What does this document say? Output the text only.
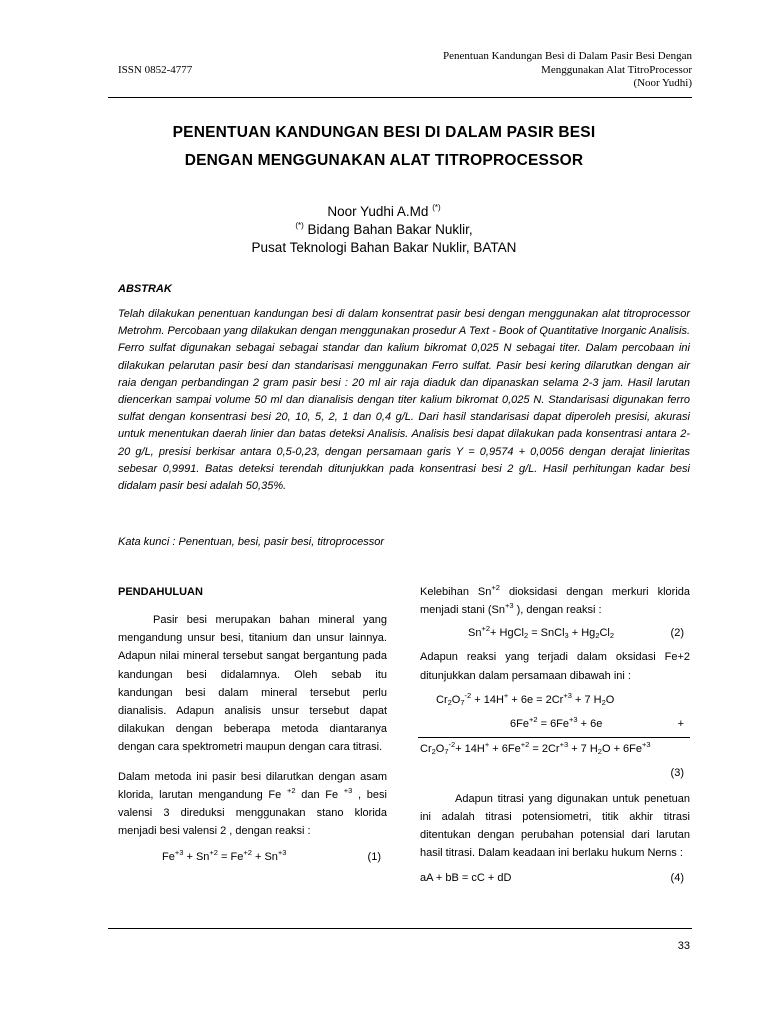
ISSN 0852-4777
Penentuan Kandungan Besi di Dalam Pasir Besi Dengan
Menggunakan Alat TitroProcessor
(Noor Yudhi)
PENENTUAN KANDUNGAN BESI DI DALAM PASIR BESI
DENGAN MENGGUNAKAN ALAT TITROPROCESSOR
Noor Yudhi A.Md (*)
(*) Bidang Bahan Bakar Nuklir,
Pusat Teknologi Bahan Bakar Nuklir, BATAN
ABSTRAK
Telah dilakukan penentuan kandungan besi di dalam konsentrat pasir besi dengan menggunakan alat titroprocessor Metrohm. Percobaan yang dilakukan dengan menggunakan prosedur A Text - Book of Quantitative Inorganic Analisis. Ferro sulfat digunakan sebagai sebagai standar dan kalium bikromat 0,025 N sebagai titer. Dalam percobaan ini dilakukan pelarutan pasir besi dan standarisasi menggunakan Ferro sulfat. Pasir besi kering dilarutkan dengan air raia dengan perbandingan 2 gram pasir besi : 20 ml air raja diaduk dan dipanaskan selama 2-3 jam. Hasil larutan diencerkan sampai volume 50 ml dan dianalisis dengan titer kalium bikromat 0,025 N. Standarisasi digunakan ferro sulfat dengan konsentrasi besi 20, 10, 5, 2, 1 dan 0,4 g/L. Dari hasil standarisasi dapat diperoleh presisi, akurasi untuk menentukan daerah linier dan batas deteksi Analisis. Analisis besi dapat dilakukan pada konsentrasi antara 2-20 g/L, presisi berkisar antara 0,5-0,23, dengan persamaan garis Y = 0,9574 + 0,0056 dengan derajat linieritas sebesar 0,9991. Batas deteksi terendah ditunjukkan pada konsentrasi besi 2 g/L. Hasil perhitungan kadar besi didalam pasir besi adalah 50,35%.
Kata kunci : Penentuan, besi, pasir besi, titroprocessor
PENDAHULUAN
Pasir besi merupakan bahan mineral yang mengandung unsur besi, titanium dan unsur lainnya. Adapun nilai mineral tersebut sangat bergantung pada kandungan besi didalamnya. Oleh sebab itu kandungan besi dalam mineral tersebut perlu dianalisis. Adapun analisis unsur tersebut dapat dilakukan dengan beberapa metoda diantaranya dengan cara spektrometri maupun dengan cara titrasi.
Dalam metoda ini pasir besi dilarutkan dengan asam klorida, larutan mengandung Fe $^{+2}$ dan Fe $^{+3}$ , besi valensi 3 direduksi menggunakan stano klorida menjadi besi valensi 2 , dengan reaksi :
$Fe^{+3} + Sn^{+2} = Fe^{+2} + Sn^{+3}$	(1)
Kelebihan $Sn^{+2}$ dioksidasi dengan merkuri klorida menjadi stani ($Sn^{+3}$ ), dengan reaksi :
$Sn^{+2}+$ HgCl$_2$ = SnCl$_3$ + $Hg_2Cl_2$	(2)
Adapun reaksi yang terjadi dalam oksidasi Fe+2 ditunjukkan dalam persamaan dibawah ini :
$Cr_2O_7^{-2} + 14H^+ + 6e = 2Cr^{+3} + 7$ $H_2O$
$6Fe^{+2} = 6Fe^{+3} + 6e$	+
$Cr_2O_7^{-2}+ 14H^+ + 6Fe^{+2} = 2Cr^{+3} + 7$ $H_2O + 6Fe^{+3}$
(3)
Adapun titrasi yang digunakan untuk penetuan ini adalah titrasi potensiometri, titik akhir titrasi ditentukan dengan perubahan potensial dari larutan hasil titrasi. Dalam keadaan ini berlaku hukum Nerns :
aA + bB = cC + dD	(4)
33
